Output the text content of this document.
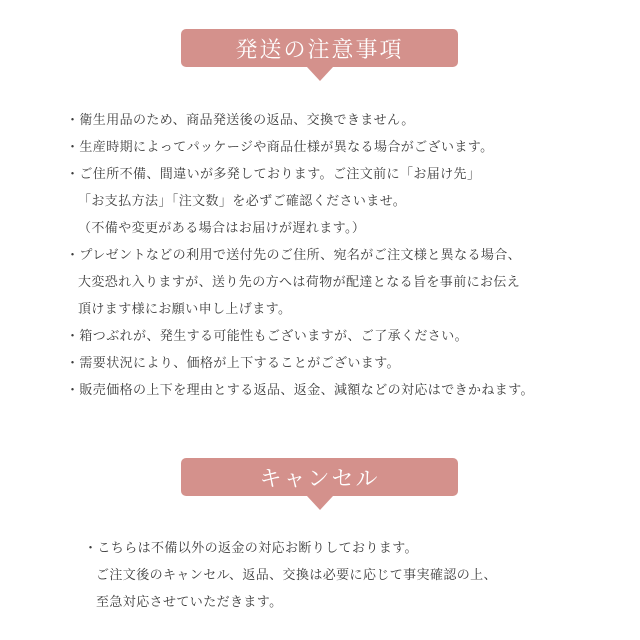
発送の注意事項
・衛生用品のため、商品発送後の返品、交換できません。
・生産時期によってパッケージや商品仕様が異なる場合がございます。
・ご住所不備、間違いが多発しております。ご注文前に「お届け先」
「お支払方法」「注文数」を必ずご確認くださいませ。
（不備や変更がある場合はお届けが遅れます。）
・プレゼントなどの利用で送付先のご住所、宛名がご注文様と異なる場合、
大変恐れ入りますが、送り先の方へは荷物が配達となる旨を事前にお伝え
頂けます様にお願い申し上げます。
・箱つぶれが、発生する可能性もございますが、ご了承ください。
・需要状況により、価格が上下することがございます。
・販売価格の上下を理由とする返品、返金、減額などの対応はできかねます。
キャンセル
・こちらは不備以外の返金の対応お断りしております。
ご注文後のキャンセル、返品、交換は必要に応じて事実確認の上、
至急対応させていただきます。
